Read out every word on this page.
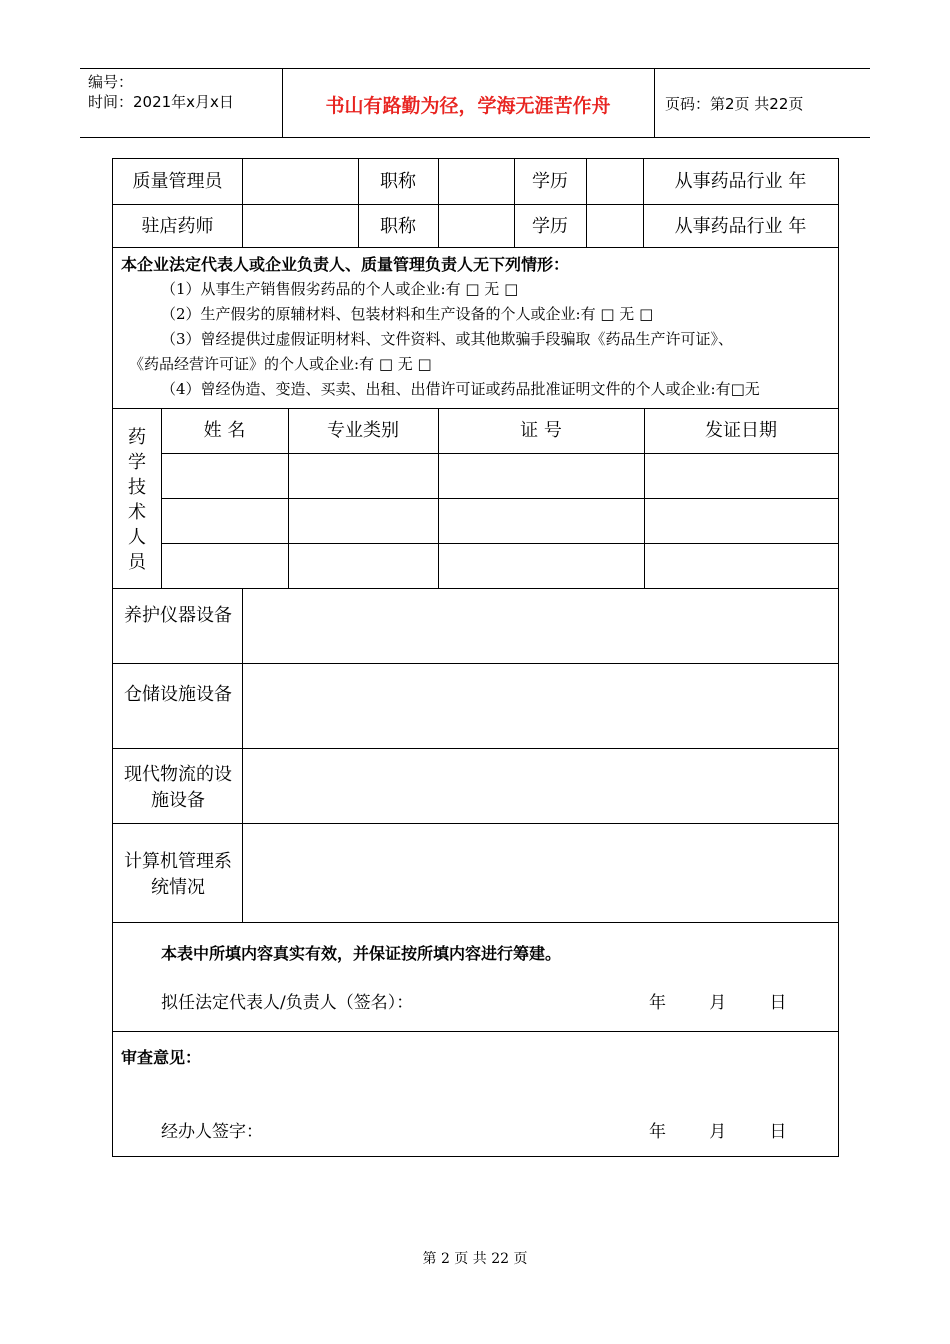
编号：
时间：2021年x月x日	书山有路勤为径，学海无涯苦作舟	页码：第2页 共22页
质量管理员	职称	学历	从事药品行业 年
驻店药师	职称	学历	从事药品行业 年
本企业法定代表人或企业负责人、质量管理负责人无下列情形：
（1）从事生产销售假劣药品的个人或企业:有 □ 无 □
（2）生产假劣的原辅材料、包装材料和生产设备的个人或企业:有 □ 无 □
（3）曾经提供过虚假证明材料、文件资料、或其他欺骗手段骗取《药品生产许可证》、
《药品经营许可证》的个人或企业:有 □ 无 □
（4）曾经伪造、变造、买卖、出租、出借许可证或药品批准证明文件的个人或企业:有□无
药学技术人员
姓 名	专业类别	证 号	发证日期
养护仪器设备
仓储设施设备
现代物流的设施设备
计算机管理系统情况
本表中所填内容真实有效，并保证按所填内容进行筹建。
拟任法定代表人/负责人（签名）：	年        月        日
审查意见：
经办人签字：	年        月        日
第 2 页 共 22 页
